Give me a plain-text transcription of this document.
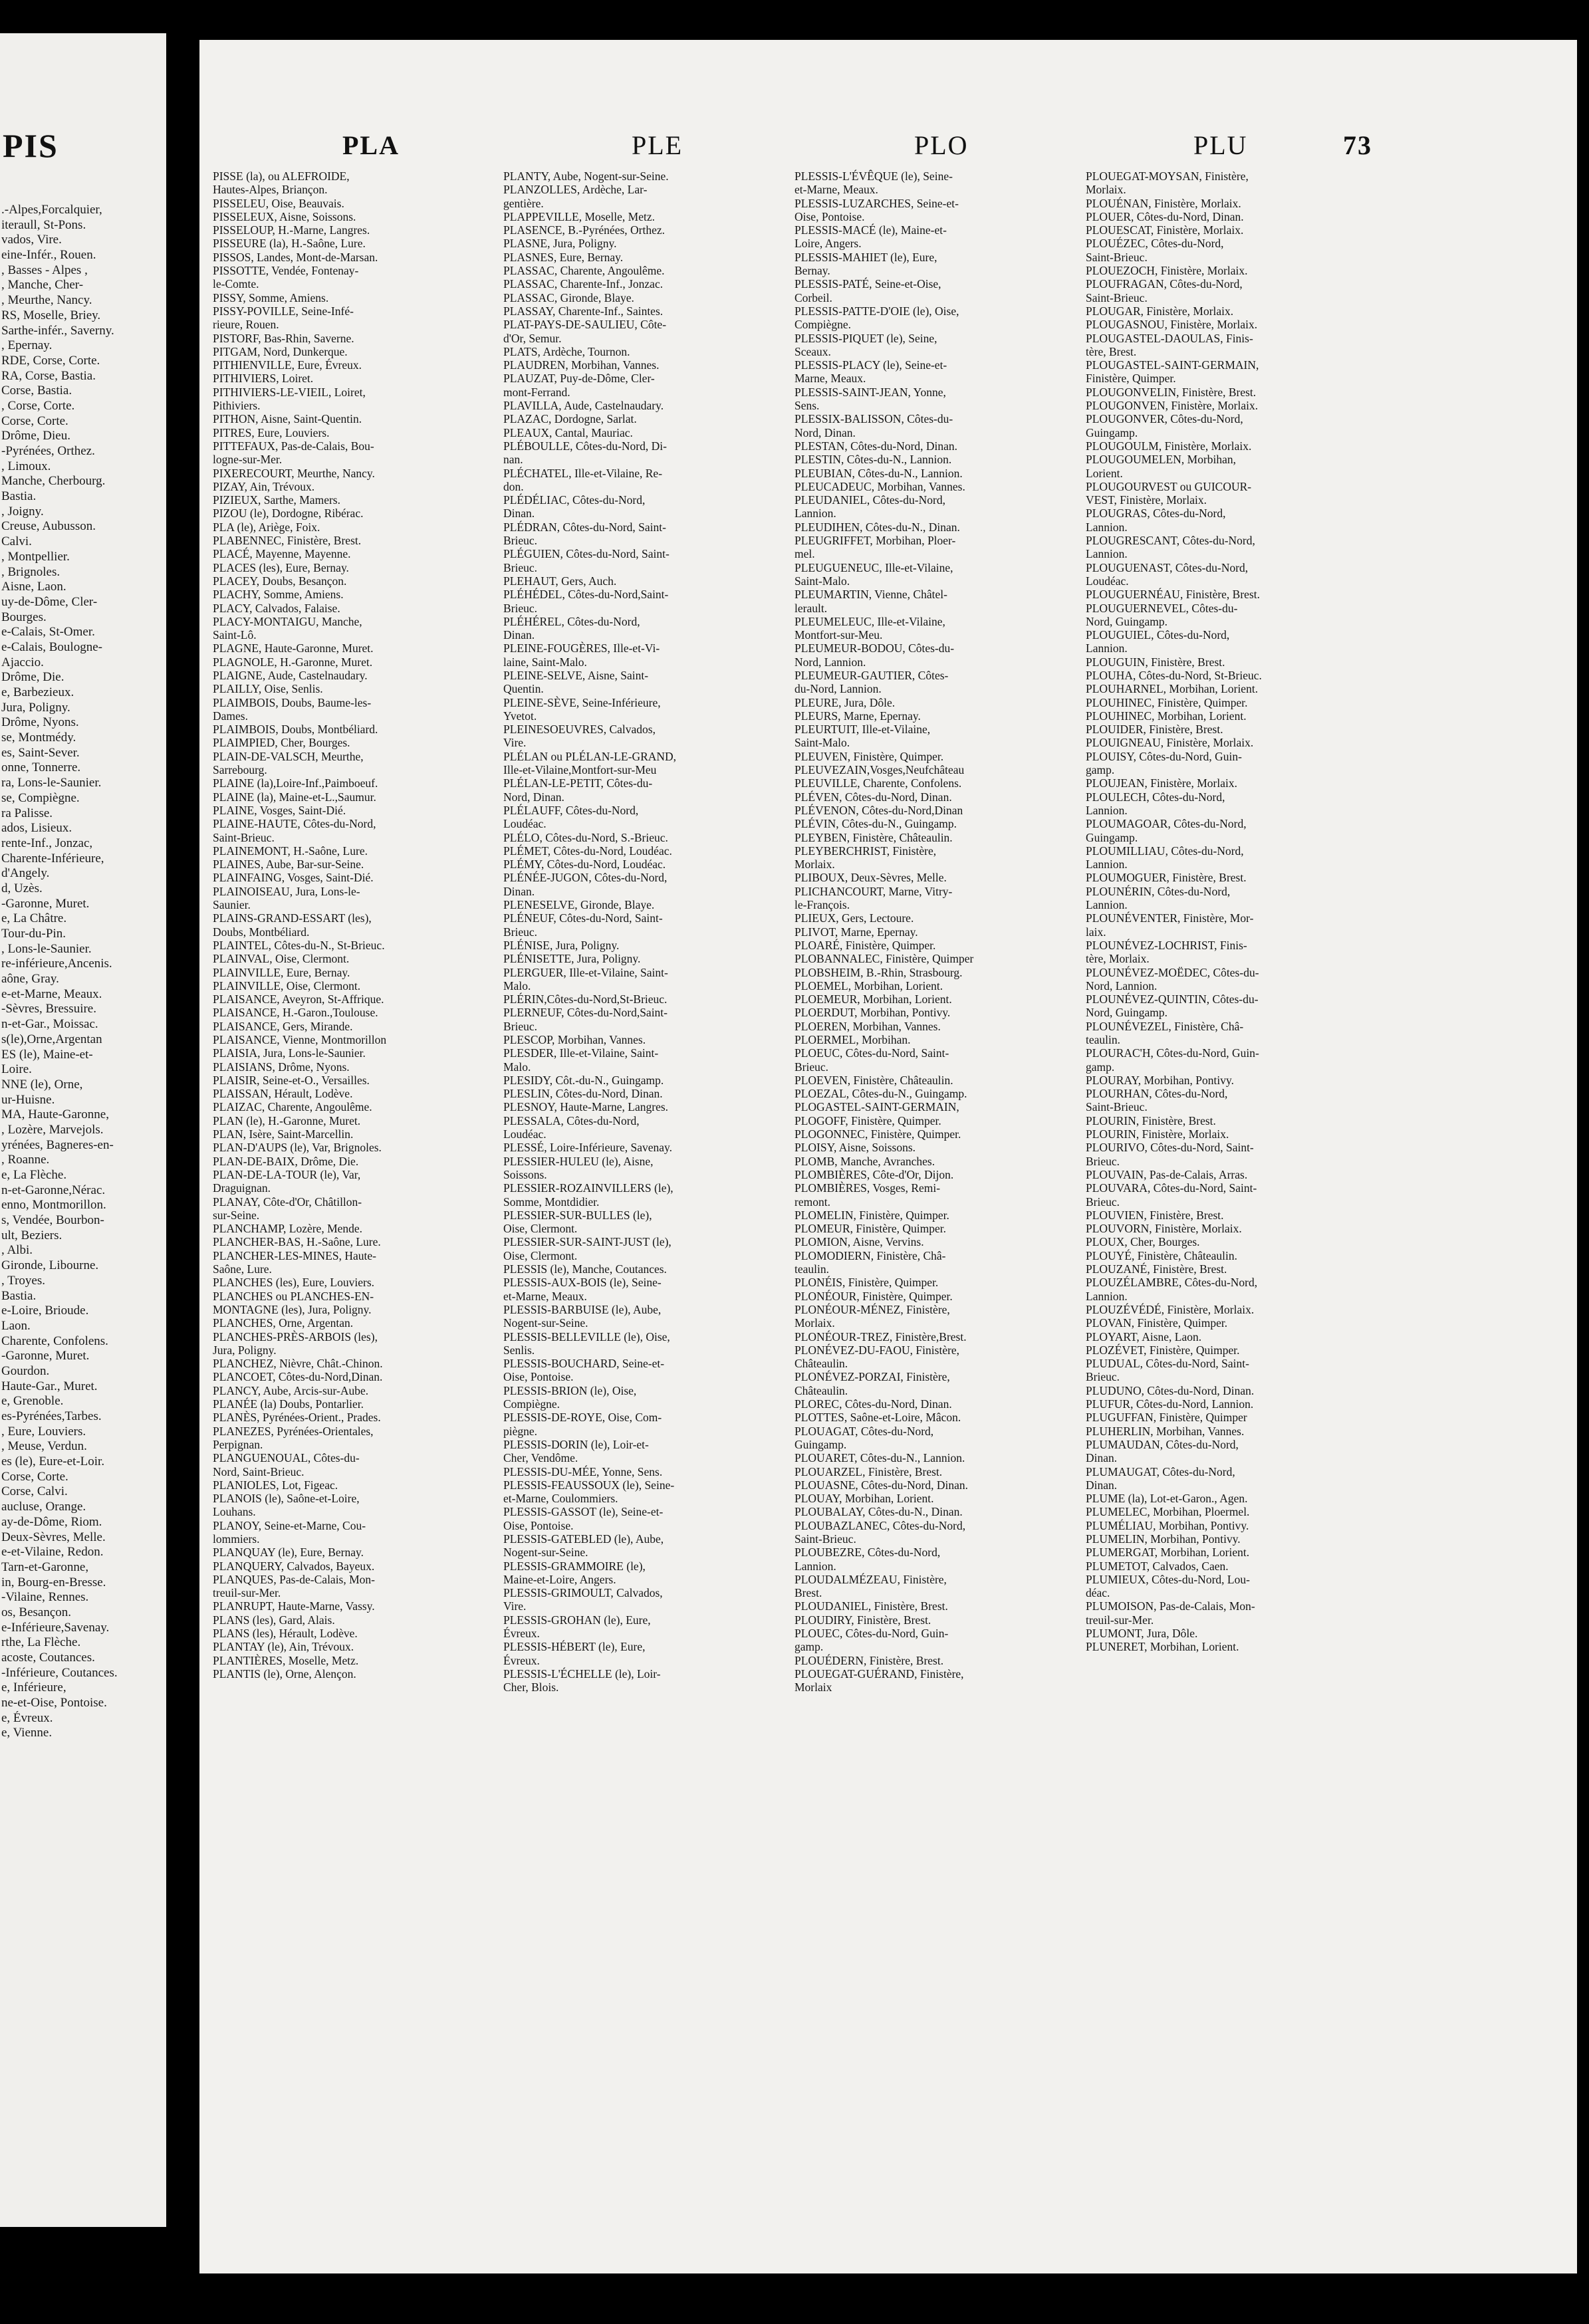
PIS
.-Alpes,Forcalquier,
iteraull, St-Pons.
vados, Vire.
eine-Infér., Rouen.
, Basses - Alpes ,
, Manche, Cher-
, Meurthe, Nancy.
RS, Moselle, Briey.
Sarthe-infér., Saverny.
, Epernay.
RDE, Corse, Corte.
RA, Corse, Bastia.
Corse, Bastia.
, Corse, Corte.
Corse, Corte.
Drôme, Dieu.
-Pyrénées, Orthez.
, Limoux.
Manche, Cherbourg.
Bastia.
, Joigny.
Creuse, Aubusson.
Calvi.
, Montpellier.
, Brignoles.
Aisne, Laon.
uy-de-Dôme, Cler-
Bourges.
e-Calais, St-Omer.
e-Calais, Boulogne-
Ajaccio.
Drôme, Die.
e, Barbezieux.
Jura, Poligny.
Drôme, Nyons.
se, Montmédy.
es, Saint-Sever.
onne, Tonnerre.
ra, Lons-le-Saunier.
se, Compiègne.
ra Palisse.
ados, Lisieux.
rente-Inf., Jonzac,
Charente-Inférieure,
d'Angely.
d, Uzès.
-Garonne, Muret.
e, La Châtre.
Tour-du-Pin.
, Lons-le-Saunier.
re-inférieure,Ancenis.
aône, Gray.
e-et-Marne, Meaux.
-Sèvres, Bressuire.
n-et-Gar., Moissac.
s(le),Orne,Argentan
ES (le), Maine-et-
Loire.
NNE (le), Orne,
ur-Huisne.
MA, Haute-Garonne,
, Lozère, Marvejols.
yrénées, Bagneres-en-
, Roanne.
e, La Flèche.
n-et-Garonne,Nérac.
enno, Montmorillon.
s, Vendée, Bourbon-
ult, Beziers.
, Albi.
Gironde, Libourne.
, Troyes.
Bastia.
e-Loire, Brioude.
Laon.
Charente, Confolens.
-Garonne, Muret.
Gourdon.
Haute-Gar., Muret.
e, Grenoble.
es-Pyrénées,Tarbes.
, Eure, Louviers.
, Meuse, Verdun.
es (le), Eure-et-Loir.
Corse, Corte.
Corse, Calvi.
aucluse, Orange.
ay-de-Dôme, Riom.
Deux-Sèvres, Melle.
e-et-Vilaine, Redon.
Tarn-et-Garonne,
in, Bourg-en-Bresse.
-Vilaine, Rennes.
os, Besançon.
e-Inférieure,Savenay.
rthe, La Flèche.
acoste, Coutances.
-Inférieure, Coutances.
e, Inférieure,
ne-et-Oise, Pontoise.
e, Évreux.
e, Vienne.
PLA	PLE	PLO	PLU	73
PISSE (la), ou ALEFROIDE,
Hautes-Alpes, Briançon.
PISSELEU, Oise, Beauvais.
PISSELEUX, Aisne, Soissons.
PISSELOUP, H.-Marne, Langres.
PISSEURE (la), H.-Saône, Lure.
PISSOS, Landes, Mont-de-Marsan.
PISSOTTE, Vendée, Fontenay-
le-Comte.
PISSY, Somme, Amiens.
PISSY-POVILLE, Seine-Infé-
rieure, Rouen.
PISTORF, Bas-Rhin, Saverne.
PITGAM, Nord, Dunkerque.
PITHIENVILLE, Eure, Évreux.
PITHIVIERS, Loiret.
PITHIVIERS-LE-VIEIL, Loiret,
Pithiviers.
PITHON, Aisne, Saint-Quentin.
PITRES, Eure, Louviers.
PITTEFAUX, Pas-de-Calais, Bou-
logne-sur-Mer.
PIXERECOURT, Meurthe, Nancy.
PIZAY, Ain, Trévoux.
PIZIEUX, Sarthe, Mamers.
PIZOU (le), Dordogne, Ribérac.
PLA (le), Ariège, Foix.
PLABENNEC, Finistère, Brest.
PLACÉ, Mayenne, Mayenne.
PLACES (les), Eure, Bernay.
PLACEY, Doubs, Besançon.
PLACHY, Somme, Amiens.
PLACY, Calvados, Falaise.
PLACY-MONTAIGU, Manche,
Saint-Lô.
PLAGNE, Haute-Garonne, Muret.
PLAGNOLE, H.-Garonne, Muret.
PLAIGNE, Aude, Castelnaudary.
PLAILLY, Oise, Senlis.
PLAIMBOIS, Doubs, Baume-les-
Dames.
PLAIMBOIS, Doubs, Montbéliard.
PLAIMPIED, Cher, Bourges.
PLAIN-DE-VALSCH, Meurthe,
Sarrebourg.
PLAINE (la),Loire-Inf.,Paimboeuf.
PLAINE (la), Maine-et-L.,Saumur.
PLAINE, Vosges, Saint-Dié.
PLAINE-HAUTE, Côtes-du-Nord,
Saint-Brieuc.
PLAINEMONT, H.-Saône, Lure.
PLAINES, Aube, Bar-sur-Seine.
PLAINFAING, Vosges, Saint-Dié.
PLAINOISEAU, Jura, Lons-le-
Saunier.
PLAINS-GRAND-ESSART (les),
Doubs, Montbéliard.
PLAINTEL, Côtes-du-N., St-Brieuc.
PLAINVAL, Oise, Clermont.
PLAINVILLE, Eure, Bernay.
PLAINVILLE, Oise, Clermont.
PLAISANCE, Aveyron, St-Affrique.
PLAISANCE, H.-Garon.,Toulouse.
PLAISANCE, Gers, Mirande.
PLAISANCE, Vienne, Montmorillon
PLAISIA, Jura, Lons-le-Saunier.
PLAISIANS, Drôme, Nyons.
PLAISIR, Seine-et-O., Versailles.
PLAISSAN, Hérault, Lodève.
PLAIZAC, Charente, Angoulême.
PLAN (le), H.-Garonne, Muret.
PLAN, Isère, Saint-Marcellin.
PLAN-D'AUPS (le), Var, Brignoles.
PLAN-DE-BAIX, Drôme, Die.
PLAN-DE-LA-TOUR (le), Var,
Draguignan.
PLANAY, Côte-d'Or, Châtillon-
sur-Seine.
PLANCHAMP, Lozère, Mende.
PLANCHER-BAS, H.-Saône, Lure.
PLANCHER-LES-MINES, Haute-
Saône, Lure.
PLANCHES (les), Eure, Louviers.
PLANCHES ou PLANCHES-EN-
MONTAGNE (les), Jura, Poligny.
PLANCHES, Orne, Argentan.
PLANCHES-PRÈS-ARBOIS (les),
Jura, Poligny.
PLANCHEZ, Nièvre, Chât.-Chinon.
PLANCOET, Côtes-du-Nord,Dinan.
PLANCY, Aube, Arcis-sur-Aube.
PLANÉE (la) Doubs, Pontarlier.
PLANÈS, Pyrénées-Orient., Prades.
PLANEZES, Pyrénées-Orientales,
Perpignan.
PLANGUENOUAL, Côtes-du-
Nord, Saint-Brieuc.
PLANIOLES, Lot, Figeac.
PLANOIS (le), Saône-et-Loire,
Louhans.
PLANOY, Seine-et-Marne, Cou-
lommiers.
PLANQUAY (le), Eure, Bernay.
PLANQUERY, Calvados, Bayeux.
PLANQUES, Pas-de-Calais, Mon-
treuil-sur-Mer.
PLANRUPT, Haute-Marne, Vassy.
PLANS (les), Gard, Alais.
PLANS (les), Hérault, Lodève.
PLANTAY (le), Ain, Trévoux.
PLANTIÈRES, Moselle, Metz.
PLANTIS (le), Orne, Alençon.
PLANTY, Aube, Nogent-sur-Seine.
PLANZOLLES, Ardèche, Lar-
gentière.
PLAPPEVILLE, Moselle, Metz.
PLASENCE, B.-Pyrénées, Orthez.
PLASNE, Jura, Poligny.
PLASNES, Eure, Bernay.
PLASSAC, Charente, Angoulême.
PLASSAC, Charente-Inf., Jonzac.
PLASSAC, Gironde, Blaye.
PLASSAY, Charente-Inf., Saintes.
PLAT-PAYS-DE-SAULIEU, Côte-
d'Or, Semur.
PLATS, Ardèche, Tournon.
PLAUDREN, Morbihan, Vannes.
PLAUZAT, Puy-de-Dôme, Cler-
mont-Ferrand.
PLAVILLA, Aude, Castelnaudary.
PLAZAC, Dordogne, Sarlat.
PLEAUX, Cantal, Mauriac.
PLÉBOULLE, Côtes-du-Nord, Di-
nan.
PLÉCHATEL, Ille-et-Vilaine, Re-
don.
PLÉDÉLIAC, Côtes-du-Nord,
Dinan.
PLÉDRAN, Côtes-du-Nord, Saint-
Brieuc.
PLÉGUIEN, Côtes-du-Nord, Saint-
Brieuc.
PLEHAUT, Gers, Auch.
PLÉHÉDEL, Côtes-du-Nord,Saint-
Brieuc.
PLÉHÉREL, Côtes-du-Nord,
Dinan.
PLEINE-FOUGÈRES, Ille-et-Vi-
laine, Saint-Malo.
PLEINE-SELVE, Aisne, Saint-
Quentin.
PLEINE-SÈVE, Seine-Inférieure,
Yvetot.
PLEINESOEUVRES, Calvados,
Vire.
PLÉLAN ou PLÉLAN-LE-GRAND,
Ille-et-Vilaine,Montfort-sur-Meu
PLÉLAN-LE-PETIT, Côtes-du-
Nord, Dinan.
PLÉLAUFF, Côtes-du-Nord,
Loudéac.
PLÉLO, Côtes-du-Nord, S.-Brieuc.
PLÉMET, Côtes-du-Nord, Loudéac.
PLÉMY, Côtes-du-Nord, Loudéac.
PLÉNÉE-JUGON, Côtes-du-Nord,
Dinan.
PLENESELVE, Gironde, Blaye.
PLÉNEUF, Côtes-du-Nord, Saint-
Brieuc.
PLÉNISE, Jura, Poligny.
PLÉNISETTE, Jura, Poligny.
PLERGUER, Ille-et-Vilaine, Saint-
Malo.
PLÉRIN,Côtes-du-Nord,St-Brieuc.
PLERNEUF, Côtes-du-Nord,Saint-
Brieuc.
PLESCOP, Morbihan, Vannes.
PLESDER, Ille-et-Vilaine, Saint-
Malo.
PLESIDY, Côt.-du-N., Guingamp.
PLESLIN, Côtes-du-Nord, Dinan.
PLESNOY, Haute-Marne, Langres.
PLESSALA, Côtes-du-Nord,
Loudéac.
PLESSÉ, Loire-Inférieure, Savenay.
PLESSIER-HULEU (le), Aisne,
Soissons.
PLESSIER-ROZAINVILLERS (le),
Somme, Montdidier.
PLESSIER-SUR-BULLES (le),
Oise, Clermont.
PLESSIER-SUR-SAINT-JUST (le),
Oise, Clermont.
PLESSIS (le), Manche, Coutances.
PLESSIS-AUX-BOIS (le), Seine-
et-Marne, Meaux.
PLESSIS-BARBUISE (le), Aube,
Nogent-sur-Seine.
PLESSIS-BELLEVILLE (le), Oise,
Senlis.
PLESSIS-BOUCHARD, Seine-et-
Oise, Pontoise.
PLESSIS-BRION (le), Oise,
Compiègne.
PLESSIS-DE-ROYE, Oise, Com-
piègne.
PLESSIS-DORIN (le), Loir-et-
Cher, Vendôme.
PLESSIS-DU-MÉE, Yonne, Sens.
PLESSIS-FEAUSSOUX (le), Seine-
et-Marne, Coulommiers.
PLESSIS-GASSOT (le), Seine-et-
Oise, Pontoise.
PLESSIS-GATEBLED (le), Aube,
Nogent-sur-Seine.
PLESSIS-GRAMMOIRE (le),
Maine-et-Loire, Angers.
PLESSIS-GRIMOULT, Calvados,
Vire.
PLESSIS-GROHAN (le), Eure,
Évreux.
PLESSIS-HÉBERT (le), Eure,
Évreux.
PLESSIS-L'ÉCHELLE (le), Loir-
Cher, Blois.
PLESSIS-L'ÉVÊQUE (le), Seine-
et-Marne, Meaux.
PLESSIS-LUZARCHES, Seine-et-
Oise, Pontoise.
PLESSIS-MACÉ (le), Maine-et-
Loire, Angers.
PLESSIS-MAHIET (le), Eure,
Bernay.
PLESSIS-PATÉ, Seine-et-Oise,
Corbeil.
PLESSIS-PATTE-D'OIE (le), Oise,
Compiègne.
PLESSIS-PIQUET (le), Seine,
Sceaux.
PLESSIS-PLACY (le), Seine-et-
Marne, Meaux.
PLESSIS-SAINT-JEAN, Yonne,
Sens.
PLESSIX-BALISSON, Côtes-du-
Nord, Dinan.
PLESTAN, Côtes-du-Nord, Dinan.
PLESTIN, Côtes-du-N., Lannion.
PLEUBIAN, Côtes-du-N., Lannion.
PLEUCADEUC, Morbihan, Vannes.
PLEUDANIEL, Côtes-du-Nord,
Lannion.
PLEUDIHEN, Côtes-du-N., Dinan.
PLEUGRIFFET, Morbihan, Ploer-
mel.
PLEUGUENEUC, Ille-et-Vilaine,
Saint-Malo.
PLEUMARTIN, Vienne, Châtel-
lerault.
PLEUMELEUC, Ille-et-Vilaine,
Montfort-sur-Meu.
PLEUMEUR-BODOU, Côtes-du-
Nord, Lannion.
PLEUMEUR-GAUTIER, Côtes-
du-Nord, Lannion.
PLEURE, Jura, Dôle.
PLEURS, Marne, Epernay.
PLEURTUIT, Ille-et-Vilaine,
Saint-Malo.
PLEUVEN, Finistère, Quimper.
PLEUVEZAIN,Vosges,Neufchâteau
PLEUVILLE, Charente, Confolens.
PLÉVEN, Côtes-du-Nord, Dinan.
PLÉVENON, Côtes-du-Nord,Dinan
PLÉVIN, Côtes-du-N., Guingamp.
PLEYBEN, Finistère, Châteaulin.
PLEYBERCHRIST, Finistère,
Morlaix.
PLIBOUX, Deux-Sèvres, Melle.
PLICHANCOURT, Marne, Vitry-
le-François.
PLIEUX, Gers, Lectoure.
PLIVOT, Marne, Epernay.
PLOARÉ, Finistère, Quimper.
PLOBANNALEC, Finistère, Quimper
PLOBSHEIM, B.-Rhin, Strasbourg.
PLOEMEL, Morbihan, Lorient.
PLOEMEUR, Morbihan, Lorient.
PLOERDUT, Morbihan, Pontivy.
PLOEREN, Morbihan, Vannes.
PLOERMEL, Morbihan.
PLOEUC, Côtes-du-Nord, Saint-
Brieuc.
PLOEVEN, Finistère, Châteaulin.
PLOEZAL, Côtes-du-N., Guingamp.
PLOGASTEL-SAINT-GERMAIN,
PLOGOFF, Finistère, Quimper.
PLOGONNEC, Finistère, Quimper.
PLOISY, Aisne, Soissons.
PLOMB, Manche, Avranches.
PLOMBIÈRES, Côte-d'Or, Dijon.
PLOMBIÈRES, Vosges, Remi-
remont.
PLOMELIN, Finistère, Quimper.
PLOMEUR, Finistère, Quimper.
PLOMION, Aisne, Vervins.
PLOMODIERN, Finistère, Châ-
teaulin.
PLONÉIS, Finistère, Quimper.
PLONÉOUR, Finistère, Quimper.
PLONÉOUR-MÉNEZ, Finistère,
Morlaix.
PLONÉOUR-TREZ, Finistère,Brest.
PLONÉVEZ-DU-FAOU, Finistère,
Châteaulin.
PLONÉVEZ-PORZAI, Finistère,
Châteaulin.
PLOREC, Côtes-du-Nord, Dinan.
PLOTTES, Saône-et-Loire, Mâcon.
PLOUAGAT, Côtes-du-Nord,
Guingamp.
PLOUARET, Côtes-du-N., Lannion.
PLOUARZEL, Finistère, Brest.
PLOUASNE, Côtes-du-Nord, Dinan.
PLOUAY, Morbihan, Lorient.
PLOUBALAY, Côtes-du-N., Dinan.
PLOUBAZLANEC, Côtes-du-Nord,
Saint-Brieuc.
PLOUBEZRE, Côtes-du-Nord,
Lannion.
PLOUDALMÉZEAU, Finistère,
Brest.
PLOUDANIEL, Finistère, Brest.
PLOUDIRY, Finistère, Brest.
PLOUEC, Côtes-du-Nord, Guin-
gamp.
PLOUÉDERN, Finistère, Brest.
PLOUEGAT-GUÉRAND, Finistère,
Morlaix
PLOUEGAT-MOYSAN, Finistère,
Morlaix.
PLOUÉNAN, Finistère, Morlaix.
PLOUER, Côtes-du-Nord, Dinan.
PLOUESCAT, Finistère, Morlaix.
PLOUÉZEC, Côtes-du-Nord,
Saint-Brieuc.
PLOUEZOCH, Finistère, Morlaix.
PLOUFRAGAN, Côtes-du-Nord,
Saint-Brieuc.
PLOUGAR, Finistère, Morlaix.
PLOUGASNOU, Finistère, Morlaix.
PLOUGASTEL-DAOULAS, Finis-
tère, Brest.
PLOUGASTEL-SAINT-GERMAIN,
Finistère, Quimper.
PLOUGONVELIN, Finistère, Brest.
PLOUGONVEN, Finistère, Morlaix.
PLOUGONVER, Côtes-du-Nord,
Guingamp.
PLOUGOULM, Finistère, Morlaix.
PLOUGOUMELEN, Morbihan,
Lorient.
PLOUGOURVEST ou GUICOUR-
VEST, Finistère, Morlaix.
PLOUGRAS, Côtes-du-Nord,
Lannion.
PLOUGRESCANT, Côtes-du-Nord,
Lannion.
PLOUGUENAST, Côtes-du-Nord,
Loudéac.
PLOUGUERNÉAU, Finistère, Brest.
PLOUGUERNEVEL, Côtes-du-
Nord, Guingamp.
PLOUGUIEL, Côtes-du-Nord,
Lannion.
PLOUGUIN, Finistère, Brest.
PLOUHA, Côtes-du-Nord, St-Brieuc.
PLOUHARNEL, Morbihan, Lorient.
PLOUHINEC, Finistère, Quimper.
PLOUHINEC, Morbihan, Lorient.
PLOUIDER, Finistère, Brest.
PLOUIGNEAU, Finistère, Morlaix.
PLOUISY, Côtes-du-Nord, Guin-
gamp.
PLOUJEAN, Finistère, Morlaix.
PLOULECH, Côtes-du-Nord,
Lannion.
PLOUMAGOAR, Côtes-du-Nord,
Guingamp.
PLOUMILLIAU, Côtes-du-Nord,
Lannion.
PLOUMOGUER, Finistère, Brest.
PLOUNÉRIN, Côtes-du-Nord,
Lannion.
PLOUNÉVENTER, Finistère, Mor-
laix.
PLOUNÉVEZ-LOCHRIST, Finis-
tère, Morlaix.
PLOUNÉVEZ-MOËDEC, Côtes-du-
Nord, Lannion.
PLOUNÉVEZ-QUINTIN, Côtes-du-
Nord, Guingamp.
PLOUNÉVEZEL, Finistère, Châ-
teaulin.
PLOURAC'H, Côtes-du-Nord, Guin-
gamp.
PLOURAY, Morbihan, Pontivy.
PLOURHAN, Côtes-du-Nord,
Saint-Brieuc.
PLOURIN, Finistère, Brest.
PLOURIN, Finistère, Morlaix.
PLOURIVO, Côtes-du-Nord, Saint-
Brieuc.
PLOUVAIN, Pas-de-Calais, Arras.
PLOUVARA, Côtes-du-Nord, Saint-
Brieuc.
PLOUVIEN, Finistère, Brest.
PLOUVORN, Finistère, Morlaix.
PLOUX, Cher, Bourges.
PLOUYÉ, Finistère, Châteaulin.
PLOUZANÉ, Finistère, Brest.
PLOUZÉLAMBRE, Côtes-du-Nord,
Lannion.
PLOUZÉVÉDÉ, Finistère, Morlaix.
PLOVAN, Finistère, Quimper.
PLOYART, Aisne, Laon.
PLOZÉVET, Finistère, Quimper.
PLUDUAL, Côtes-du-Nord, Saint-
Brieuc.
PLUDUNO, Côtes-du-Nord, Dinan.
PLUFUR, Côtes-du-Nord, Lannion.
PLUGUFFAN, Finistère, Quimper
PLUHERLIN, Morbihan, Vannes.
PLUMAUDAN, Côtes-du-Nord,
Dinan.
PLUMAUGAT, Côtes-du-Nord,
Dinan.
PLUME (la), Lot-et-Garon., Agen.
PLUMELEC, Morbihan, Ploermel.
PLUMÉLIAU, Morbihan, Pontivy.
PLUMELIN, Morbihan, Pontivy.
PLUMERGAT, Morbihan, Lorient.
PLUMETOT, Calvados, Caen.
PLUMIEUX, Côtes-du-Nord, Lou-
déac.
PLUMOISON, Pas-de-Calais, Mon-
treuil-sur-Mer.
PLUMONT, Jura, Dôle.
PLUNERET, Morbihan, Lorient.
